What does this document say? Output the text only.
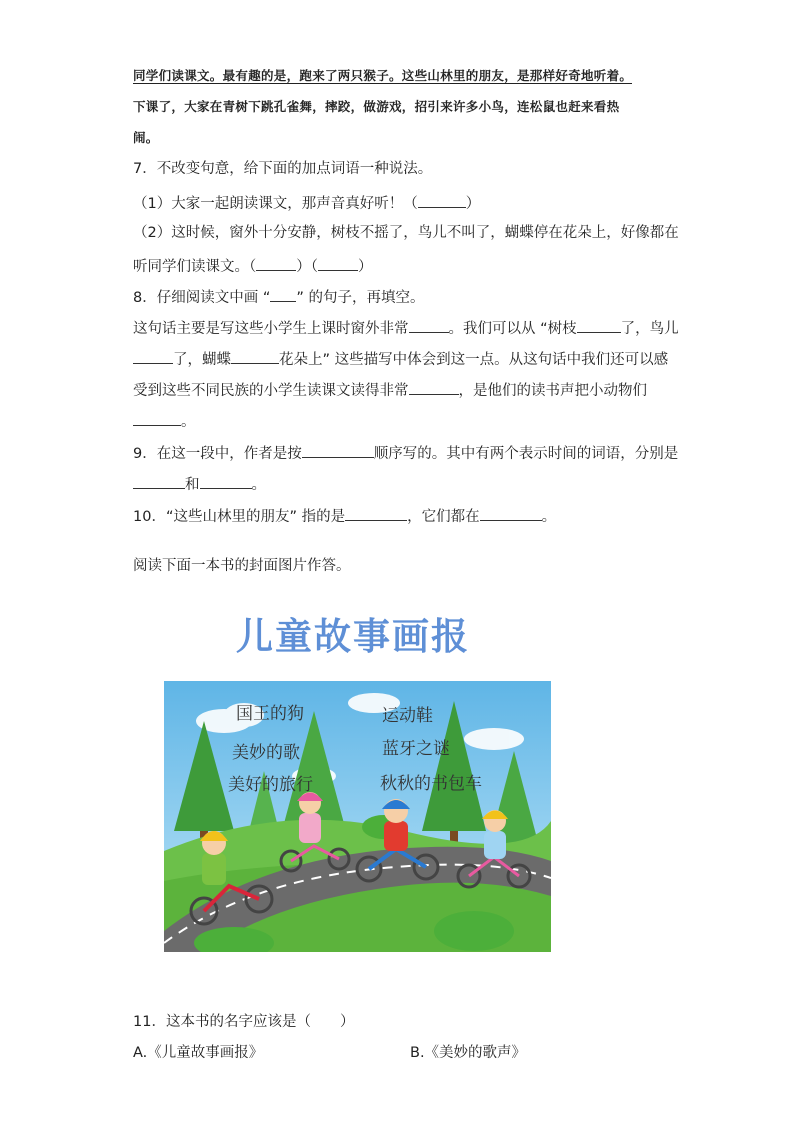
同学们读课文。最有趣的是，跑来了两只猴子。这些山林里的朋友，是那样好奇地听着。
下课了，大家在青树下跳孔雀舞，摔跤，做游戏，招引来许多小鸟，连松鼠也赶来看热
闹。
7．不改变句意，给下面的加点词语一种说法。
（1）大家一起朗读课文，那声音真好听！（	）
（2）这时候，窗外十分安静，树枝不摇了，鸟儿不叫了，蝴蝶停在花朵上，好像都在
听同学们读课文。（	）（	）
8．仔细阅读文中画 “ ” 的句子，再填空。
这句话主要是写这些小学生上课时窗外非常	。我们可以从 “树枝	了，鸟儿
了，蝴蝶	花朵上” 这些描写中体会到这一点。从这句话中我们还可以感
受到这些不同民族的小学生读课文读得非常	，是他们的读书声把小动物们
。
9．在这一段中，作者是按	顺序写的。其中有两个表示时间的词语，分别是
和	。
10．“这些山林里的朋友” 指的是	，它们都在	。
阅读下面一本书的封面图片作答。
儿童故事画报
国王的狗	运动鞋
美妙的歌	蓝牙之谜
美好的旅行	秋秋的书包车
11．这本书的名字应该是（　　）
A.《儿童故事画报》	B.《美妙的歌声》
